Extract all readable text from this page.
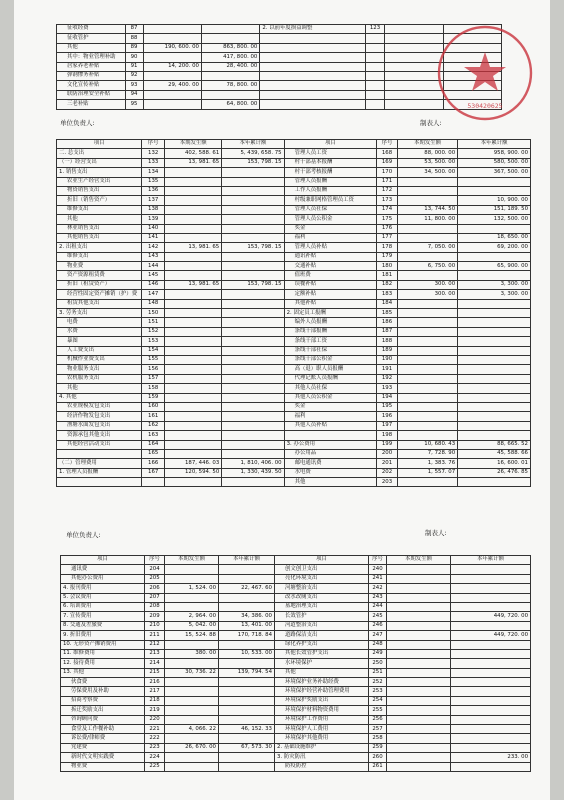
征收经费	87			2. 以前年度损益调整	123		
征收管护	88						
其他	89	190, 600. 00	863, 800. 00				
其中：物业管理补助	90		417, 800. 00				
居家养老补贴	91	14, 200. 00	28, 400. 00				
弹钢惨务补贴	92						
文化宣传补贴	93	29, 400. 00	78, 800. 00				
联防治理安全补贴	94						
三老补贴	95		64, 800. 00				
单位负责人:	制表人:
项目	序号	本期发生额	本年累计额	项目	序号	本期发生额	本年累计额
二. 总支出	132	402, 588. 61	5, 439, 658. 75	管理人员工资	168	88, 000. 00	958, 900. 00
（一）经营支出	133	13, 981. 65	153, 798. 15	村干部基本报酬	169	53, 500. 00	580, 500. 00
1. 销售支出	134			村干部考核报酬	170	34, 500. 00	367, 500. 00
农业生产经营支出	135			管理人员报酬	171		
物资销售支出	136			工作人员报酬	172		
折旧（销售资产）	137			村级兼职网格管理员工资	173		10, 900. 00
维修支出	138			管理人员社保	174	13, 744. 50	151, 189. 50
其他	139			管理人员公积金	175	11, 800. 00	132, 500. 00
林业销售支出	140			奖金	176		
其他销售支出	141			福利	177		18, 650. 00
2. 出租支出	142	13, 981. 65	153, 798. 15	管理人员补贴	178	7, 050. 00	69, 200. 00
维修支出	143			通讯补贴	179		
物业费	144			交通补贴	180	6, 750. 00	65, 900. 00
资产资源租赁费	145			值班费	181		
折旧（租赁资产）	146	13, 981. 65	153, 798. 15	误餐补贴	182	300. 00	3, 300. 00
经营性固定资产摊销（护）费	147			定额补贴	183	300. 00	3, 300. 00
租赁其他支出	148			其他补贴	184		
3. 劳务支出	150			2. 固定员工报酬	185		
电费	151			编外人员报酬	186		
水费	152			条线干部报酬	187		
暴图	153			条线干部工资	188		
人工费支出	154			条线干部社保	189		
机械作业费支出	155			条线干部公积金	190		
物业服务支出	156			高（退）职人员报酬	191		
农机服务支出	157			代理记账人员报酬	192		
其他	158			其他人员社保	193		
4. 其他	159			其他人员公积金	194		
农业规模发包支出	160			奖金	195		
经济作物发包支出	161			福利	196		
渔塘水面发包支出	162			其他人员补贴	197		
资源承包其他支出	163				198		
其他经营活动支出	164			3. 办公费用	199	10, 680. 43	88, 665. 52
	165			办公用品	200	7, 728. 90	45, 588. 66
（二）管理费用	166	187, 446. 03	1, 810, 406. 00	邮电通讯费	201	1, 383. 76	16, 600. 01
1. 管理人员报酬	167	120, 594. 50	1, 330, 439. 50	水电费	202	1, 557. 07	26, 476. 85
				其他	203		
单位负责人:	制表人:
项目	序号	本期发生额	本年累计额	项目	序号	本期发生额	本年累计额
通讯费	204			创文创卫支出	240		
其他办公费用	205			亮化环境支出	241		
4. 报刊费用	206	1, 524. 00	22, 467. 60	河塘整治支出	242		
5. 会议费用	207			改水改厕支出	243		
6. 培训费用	208			墓地治理支出	244		
7. 宣传费用	209	2, 964. 00	34, 386. 00	长效管护	245		449, 720. 00
8. 交通及差旅费	210	5, 042. 00	13, 401. 00	河道整治支出	246		
9. 折旧费用	211	15, 524. 88	170, 718. 84	道路保洁支出	247		449, 720. 00
10. 无形资产摊销费用	212			绿化养护支出	248		
11. 维修费用	213	380. 00	10, 533. 00	其他长效管护支出	249		
12. 接待费用	214			水环境保护	250		
13. 其他	215	30, 736. 22	139, 794. 54	其他	251		
伙食费	216			环境保护业务补助经费	252		
劳保费用及补助	217			环境保护经营补助管理费用	253		
招商考察费	218			环境保护奖励支出	254		
拆迁奖励支出	219			环境保护材料物资费用	255		
咨询顾问费	220			环境保护工作费用	256		
食堂及工作餐补助	221	4, 066. 22	46, 152. 33	环境保护人工费用	257		
诉讼费/律师费	222			环境保护其他费用	258		
党建费	223	26, 670. 00	67, 573. 30	2. 基础设施维护	259		
新时代文明实践费	224			3. 防灾防汛	260		233. 00
物业费	225			防疫防控	261		
530420625
